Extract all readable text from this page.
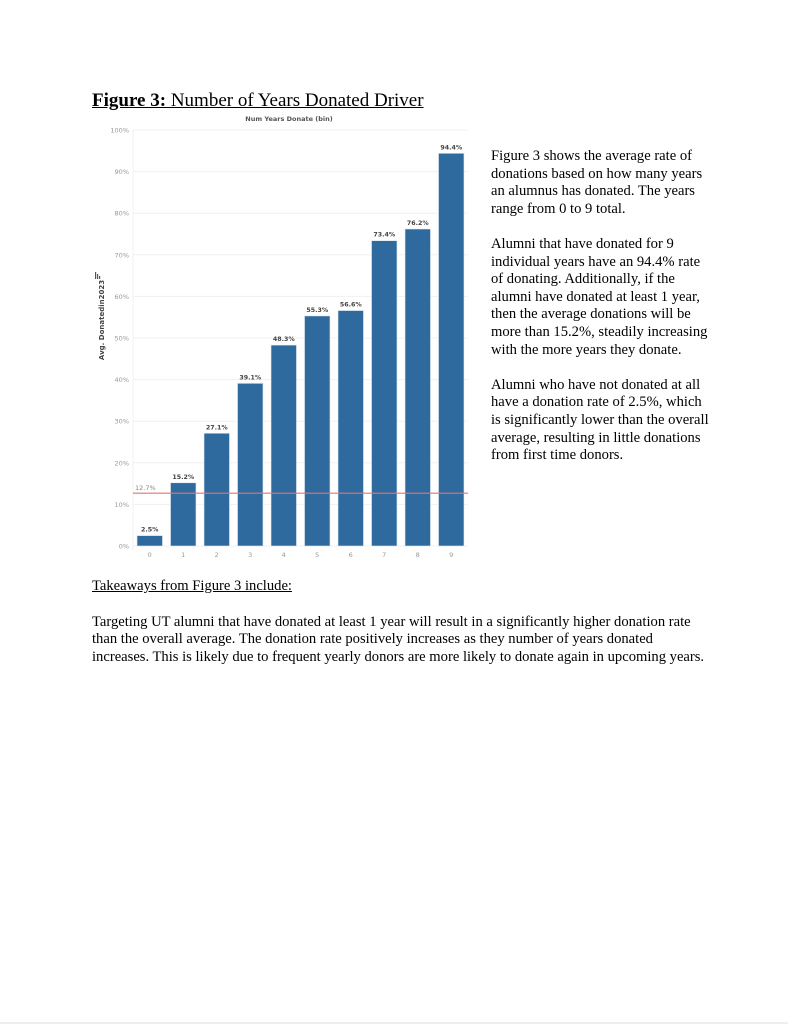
Figure 3: Number of Years Donated Driver
Num Years Donate (bin)
0%
10%
20%
30%
40%
50%
60%
70%
80%
90%
100%
Avg. Donatedin2023
2.5%
15.2%
27.1%
39.1%
48.3%
55.3%
56.6%
73.4%
76.2%
94.4%
0	1	2	3	4	5	6	7	8	9
12.7%

Figure 3 shows the average rate of donations based on how many years an alumnus has donated. The years range from 0 to 9 total.

Alumni that have donated for 9 individual years have an 94.4% rate of donating. Additionally, if the alumni have donated at least 1 year, then the average donations will be more than 15.2%, steadily increasing with the more years they donate.

Alumni who have not donated at all have a donation rate of 2.5%, which is significantly lower than the overall average, resulting in little donations from first time donors.

Takeaways from Figure 3 include:
Targeting UT alumni that have donated at least 1 year will result in a significantly higher donation rate than the overall average. The donation rate positively increases as they number of years donated increases. This is likely due to frequent yearly donors are more likely to donate again in upcoming years.
